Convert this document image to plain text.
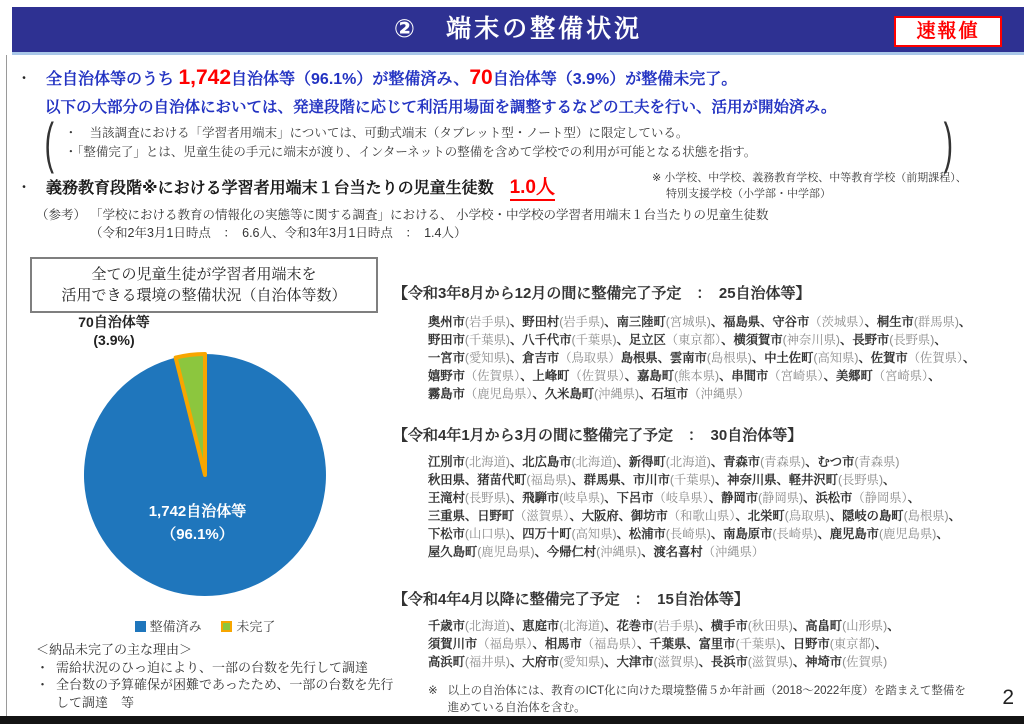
②　端末の整備状況	速報値
・ 全自治体等のうち 1,742自治体等（96.1%）が整備済み、70自治体等（3.9%）が整備未完了。
以下の大部分の自治体においては、発達段階に応じて利活用場面を調整するなどの工夫を行い、活用が開始済み。
( ・　当該調査における「学習者用端末」については、可動式端末（タブレット型・ノート型）に限定している。
・「整備完了」とは、児童生徒の手元に端末が渡り、インターネットの整備を含めて学校での利用が可能となる状態を指す。	)
・ 義務教育段階※における学習者用端末１台当たりの児童生徒数 1.0人	※ 小学校、中学校、義務教育学校、中等教育学校（前期課程）、
　 特別支援学校（小学部・中学部）
（参考） 「学校における教育の情報化の実態等に関する調査」における、 小学校・中学校の学習者用端末１台当たりの児童生徒数
（令和2年3月1日時点　：　6.6人、令和3年3月1日時点　：　1.4人）
全ての児童生徒が学習者用端末を
活用できる環境の整備状況（自治体等数）
70自治体等
(3.9%)
1,742自治体等
（96.1%）
整備済み	未完了
＜納品未完了の主な理由＞
・ 需給状況のひっ迫により、一部の台数を先行して調達
・ 全台数の予算確保が困難であったため、一部の台数を先行して調達　等
【令和3年8月から12月の間に整備完了予定　：　25自治体等】
奥州市(岩手県)、野田村(岩手県)、南三陸町(宮城県)、福島県、守谷市（茨城県）、桐生市(群馬県)、
野田市(千葉県)、八千代市(千葉県)、足立区（東京都）、横須賀市(神奈川県)、長野市(長野県)、
一宮市(愛知県)、倉吉市（鳥取県）島根県、雲南市(島根県)、中土佐町(高知県)、佐賀市（佐賀県）、
嬉野市（佐賀県）、上峰町（佐賀県）、嘉島町(熊本県)、串間市（宮崎県）、美郷町（宮崎県）、
霧島市（鹿児島県）、久米島町(沖縄県)、石垣市（沖縄県）
【令和4年1月から3月の間に整備完了予定　：　30自治体等】
江別市(北海道)、北広島市(北海道)、新得町(北海道)、青森市(青森県)、むつ市(青森県)
秋田県、猪苗代町(福島県)、群馬県、市川市(千葉県)、神奈川県、軽井沢町(長野県)、
王滝村(長野県)、飛騨市(岐阜県)、下呂市（岐阜県）、静岡市(静岡県)、浜松市（静岡県）、
三重県、日野町（滋賀県）、大阪府、御坊市（和歌山県）、北栄町(鳥取県)、隠岐の島町(島根県)、
下松市(山口県)、四万十町(高知県)、松浦市(長崎県)、南島原市(長崎県)、鹿児島市(鹿児島県)、
屋久島町(鹿児島県)、今帰仁村(沖縄県)、渡名喜村（沖縄県）
【令和4年4月以降に整備完了予定　：　15自治体等】
千歳市(北海道)、恵庭市(北海道)、花巻市(岩手県)、横手市(秋田県)、高畠町(山形県)、
須賀川市（福島県）、相馬市（福島県）、千葉県、富里市(千葉県)、日野市(東京都)、
高浜町(福井県)、大府市(愛知県)、大津市(滋賀県)、長浜市(滋賀県)、神埼市(佐賀県)
※ 以上の自治体には、教育のICT化に向けた環境整備５か年計画（2018～2022年度）を踏まえて整備を
進めている自治体を含む。	2
